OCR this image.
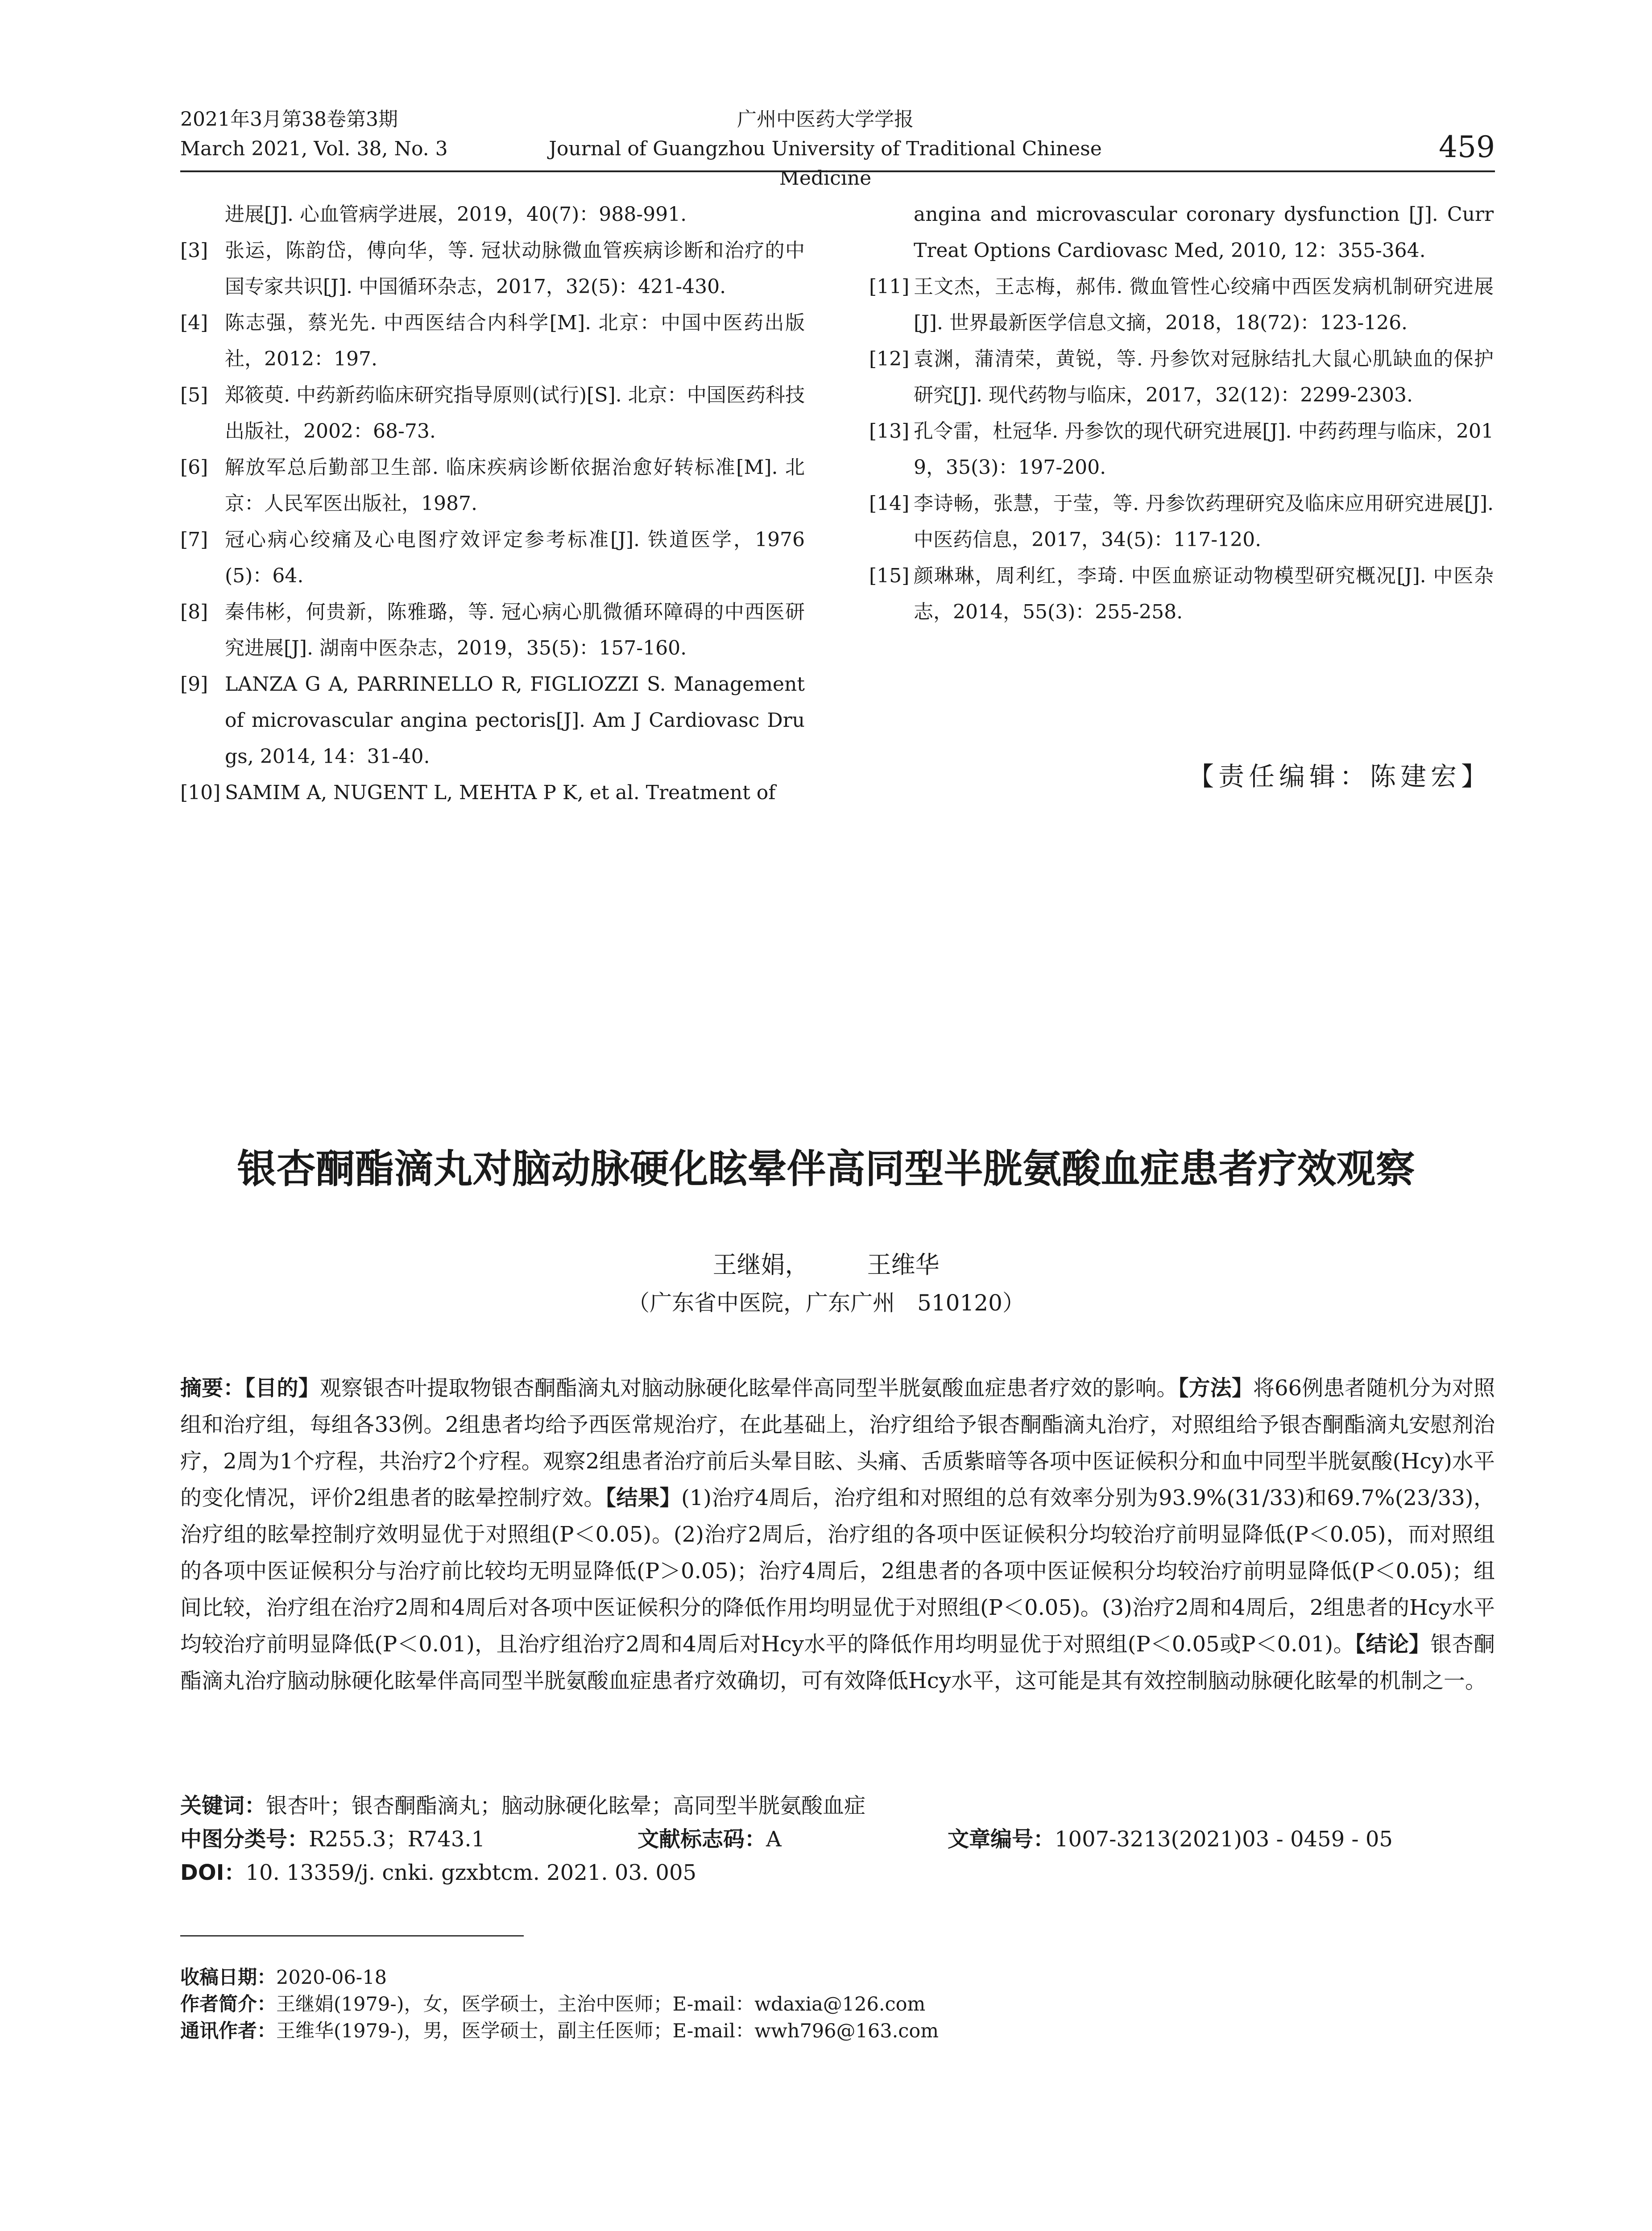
2021年3月第38卷第3期
March 2021, Vol. 38, No. 3
广州中医药大学学报
Journal of Guangzhou University of Traditional Chinese Medicine
459
进展[J]. 心血管病学进展，2019，40(7)：988-991.
[3] 张运，陈韵岱，傅向华，等. 冠状动脉微血管疾病诊断和治疗的中国专家共识[J]. 中国循环杂志，2017，32(5)：421-430.
[4] 陈志强，蔡光先. 中西医结合内科学[M]. 北京：中国中医药出版社，2012：197.
[5] 郑筱萸. 中药新药临床研究指导原则(试行)[S]. 北京：中国医药科技出版社，2002：68-73.
[6] 解放军总后勤部卫生部. 临床疾病诊断依据治愈好转标准[M]. 北京：人民军医出版社，1987.
[7] 冠心病心绞痛及心电图疗效评定参考标准[J]. 铁道医学，1976(5)：64.
[8] 秦伟彬，何贵新，陈雅璐，等. 冠心病心肌微循环障碍的中西医研究进展[J]. 湖南中医杂志，2019，35(5)：157-160.
[9] LANZA G A, PARRINELLO R, FIGLIOZZI S. Management of microvascular angina pectoris[J]. Am J Cardiovasc Drugs, 2014, 14：31-40.
[10] SAMIM A, NUGENT L, MEHTA P K, et al. Treatment of
angina and microvascular coronary dysfunction [J]. Curr Treat Options Cardiovasc Med, 2010, 12：355-364.
[11] 王文杰，王志梅，郝伟. 微血管性心绞痛中西医发病机制研究进展[J]. 世界最新医学信息文摘，2018，18(72)：123-126.
[12] 袁渊，蒲清荣，黄锐，等. 丹参饮对冠脉结扎大鼠心肌缺血的保护研究[J]. 现代药物与临床，2017，32(12)：2299-2303.
[13] 孔令雷，杜冠华. 丹参饮的现代研究进展[J]. 中药药理与临床，2019，35(3)：197-200.
[14] 李诗畅，张慧，于莹，等. 丹参饮药理研究及临床应用研究进展[J]. 中医药信息，2017，34(5)：117-120.
[15] 颜琳琳，周利红，李琦. 中医血瘀证动物模型研究概况[J]. 中医杂志，2014，55(3)：255-258.
【责任编辑：陈建宏】
银杏酮酯滴丸对脑动脉硬化眩晕伴高同型半胱氨酸血症患者疗效观察
王继娟， 王维华
（广东省中医院，广东广州　510120）
摘要：【目的】观察银杏叶提取物银杏酮酯滴丸对脑动脉硬化眩晕伴高同型半胱氨酸血症患者疗效的影响。【方法】将66例患者随机分为对照组和治疗组，每组各33例。2组患者均给予西医常规治疗，在此基础上，治疗组给予银杏酮酯滴丸治疗，对照组给予银杏酮酯滴丸安慰剂治疗，2周为1个疗程，共治疗2个疗程。观察2组患者治疗前后头晕目眩、头痛、舌质紫暗等各项中医证候积分和血中同型半胱氨酸(Hcy)水平的变化情况，评价2组患者的眩晕控制疗效。【结果】(1)治疗4周后，治疗组和对照组的总有效率分别为93.9%(31/33)和69.7%(23/33)，治疗组的眩晕控制疗效明显优于对照组(P＜0.05)。(2)治疗2周后，治疗组的各项中医证候积分均较治疗前明显降低(P＜0.05)，而对照组的各项中医证候积分与治疗前比较均无明显降低(P＞0.05)；治疗4周后，2组患者的各项中医证候积分均较治疗前明显降低(P＜0.05)；组间比较，治疗组在治疗2周和4周后对各项中医证候积分的降低作用均明显优于对照组(P＜0.05)。(3)治疗2周和4周后，2组患者的Hcy水平均较治疗前明显降低(P＜0.01)，且治疗组治疗2周和4周后对Hcy水平的降低作用均明显优于对照组(P＜0.05或P＜0.01)。【结论】银杏酮酯滴丸治疗脑动脉硬化眩晕伴高同型半胱氨酸血症患者疗效确切，可有效降低Hcy水平，这可能是其有效控制脑动脉硬化眩晕的机制之一。
关键词：银杏叶；银杏酮酯滴丸；脑动脉硬化眩晕；高同型半胱氨酸血症
中图分类号：R255.3；R743.1	文献标志码：A	文章编号：1007-3213(2021)03 - 0459 - 05
DOI：10. 13359/j. cnki. gzxbtcm. 2021. 03. 005
收稿日期：2020-06-18
作者简介：王继娟(1979-)，女，医学硕士，主治中医师；E-mail：wdaxia@126.com
通讯作者：王维华(1979-)，男，医学硕士，副主任医师；E-mail：wwh796@163.com
